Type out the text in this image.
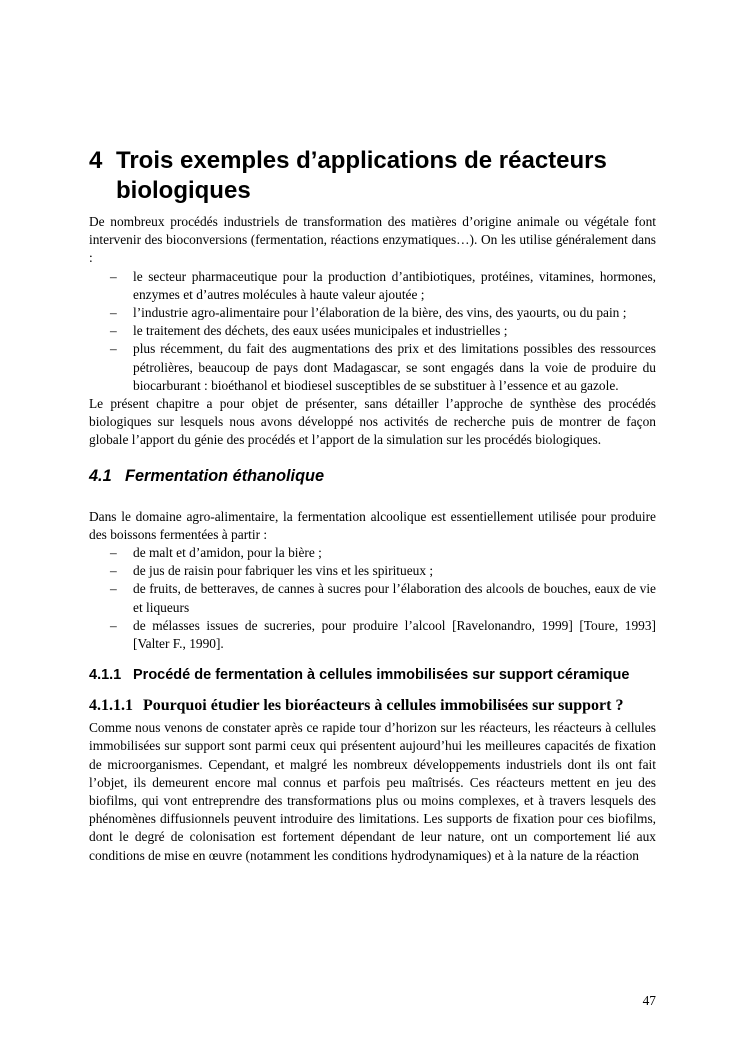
4 Trois exemples d’applications de réacteurs biologiques

De nombreux procédés industriels de transformation des matières d’origine animale ou végétale font intervenir des bioconversions (fermentation, réactions enzymatiques…). On les utilise généralement dans :

– le secteur pharmaceutique pour la production d’antibiotiques, protéines, vitamines, hormones, enzymes et d’autres molécules à haute valeur ajoutée ;
– l’industrie agro-alimentaire pour l’élaboration de la bière, des vins, des yaourts, ou du pain ;
– le traitement des déchets, des eaux usées municipales et industrielles ;
– plus récemment, du fait des augmentations des prix et des limitations possibles des ressources pétrolières, beaucoup de pays dont Madagascar, se sont engagés dans la voie de produire du biocarburant : bioéthanol et biodiesel susceptibles de se substituer à l’essence et au gazole.

Le présent chapitre a pour objet de présenter, sans détailler l’approche de synthèse des procédés biologiques sur lesquels nous avons développé nos activités de recherche puis de montrer de façon globale l’apport du génie des procédés et l’apport de la simulation sur les procédés biologiques.

4.1 Fermentation éthanolique

Dans le domaine agro-alimentaire, la fermentation alcoolique est essentiellement utilisée pour produire des boissons fermentées à partir :

– de malt et d’amidon, pour la bière ;
– de jus de raisin pour fabriquer les vins et les spiritueux ;
– de fruits, de betteraves, de cannes à sucres pour l’élaboration des alcools de bouches, eaux de vie et liqueurs
– de mélasses issues de sucreries, pour produire l’alcool [Ravelonandro, 1999] [Toure, 1993] [Valter F., 1990].
4.1.1 Procédé de fermentation à cellules immobilisées sur support céramique
4.1.1.1 Pourquoi étudier les bioréacteurs à cellules immobilisées sur support ?

Comme nous venons de constater après ce rapide tour d’horizon sur les réacteurs, les réacteurs à cellules immobilisées sur support sont parmi ceux qui présentent aujourd’hui les meilleures capacités de fixation de microorganismes. Cependant, et malgré les nombreux développements industriels dont ils ont fait l’objet, ils demeurent encore mal connus et parfois peu maîtrisés. Ces réacteurs mettent en jeu des biofilms, qui vont entreprendre des transformations plus ou moins complexes, et à travers lesquels des phénomènes diffusionnels peuvent introduire des limitations. Les supports de fixation pour ces biofilms, dont le degré de colonisation est fortement dépendant de leur nature, ont un comportement lié aux conditions de mise en œuvre (notamment les conditions hydrodynamiques) et à la nature de la réaction

47
